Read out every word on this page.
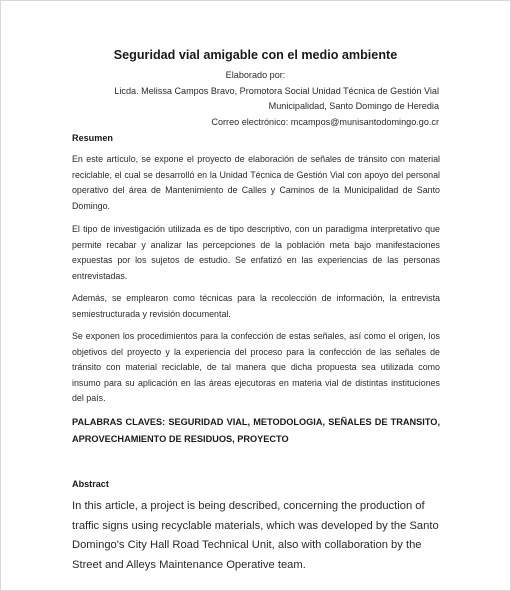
Seguridad vial amigable con el medio ambiente
Elaborado por:
Licda. Melissa Campos Bravo, Promotora Social Unidad Técnica de Gestión Vial
Municipalidad, Santo Domingo de Heredia
Correo electrónico: mcampos@munisantodomingo.go.cr
Resumen
En este artículo, se expone el proyecto de elaboración de señales de tránsito con material reciclable, el cual se desarrolló en la Unidad Técnica de Gestión Vial con apoyo del personal operativo del área de Mantenimiento de Calles y Caminos de la Municipalidad de Santo Domingo.
El tipo de investigación utilizada es de tipo descriptivo, con un paradigma interpretativo que permite recabar y analizar las percepciones de la población meta bajo manifestaciones expuestas por los sujetos de estudio. Se enfatizó en las experiencias de las personas entrevistadas.
Además, se emplearon como técnicas para la recolección de información, la entrevista semiestructurada y revisión documental.
Se exponen los procedimientos para la confección de estas señales, así como el origen, los objetivos del proyecto y la experiencia del proceso para la confección de las señales de tránsito con material reciclable, de tal manera que dicha propuesta sea utilizada como insumo para su aplicación en las áreas ejecutoras en materia vial de distintas instituciones del país.
PALABRAS CLAVES: SEGURIDAD VIAL, METODOLOGIA, SEÑALES DE TRANSITO, APROVECHAMIENTO DE RESIDUOS, PROYECTO
Abstract
In this article, a project is being described, concerning the production of traffic signs using recyclable materials, which was developed by the Santo Domingo's City Hall Road Technical Unit, also with collaboration by the Street and Alleys Maintenance Operative team.
